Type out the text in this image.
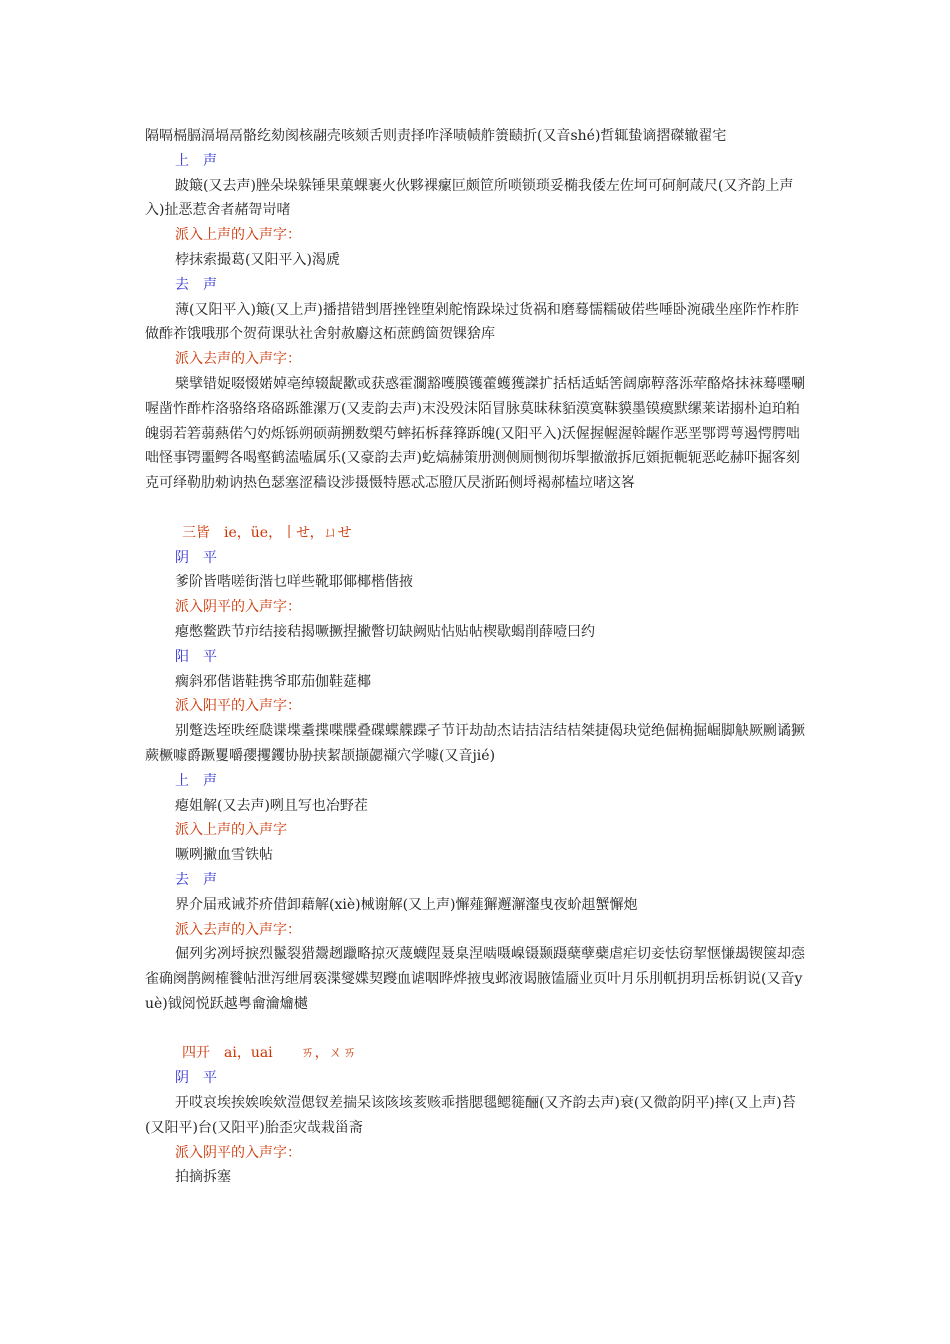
隔嗝槅膈滆塥鬲骼纥劾阂核翮壳咳颏舌则责择咋泽啧帻舴箦赜折(又音shé)哲辄蛰谪摺磔辙翟宅
上　声
跛簸(又去声)脞朵垛躲锤果菓蜾裹火伙夥裸瘰叵颇笸所唢锁琐妥椭我倭左佐坷可砢舸葴尺(又齐韵上声入)扯恶惹舍者赭哿岢啫
派入上声的入声字：
桲抹索撮葛(又阳平入)渴虒
去　声
薄(又阳平入)簸(又上声)播措错剉厝挫锉堕剁舵惰跺垛过货祸和磨蓦懦糯破偌些唾卧涴硪坐座阼怍柞胙做酢祚饿哦那个贺荷课驮社舍射赦麝这柘蔗鹧箇贺锞猞库
派入去声的入声字：
檗擘错娖啜惙婼婥亳绰辍龊歠或获惑霍灁豁嚄膜镬藿蠖獲謋扩括栝适蛞筈阔廓鞟落泺荦酪烙抹袜蓦嚜唰喔凿怍酢柞洛骆络珞硌跞雒漯万(又麦韵去声)末没殁沫陌冒脉莫昧秣貊漠寞靺貘墨镆瘼默缧莱诺搦朴迫珀粕魄弱若箬蒻爇偌勺妁烁铄朔硕蒴搠数槊芍蟀拓柝萚箨跅魄(又阳平入)沃偓握幄渥斡龌作恶垩鄂谔萼遏愕腭咄咄怪事锷噩鳄各喝壑鹤溘嗑属乐(又豪韵去声)虼熇赫策册测侧厕恻彻坼掣撤澈拆厄頞扼軛轭恶屹赫吓掘客刻克可绎勒肋勑讷热色瑟塞涩穑设涉摄慑特慝忒忑膯仄昃浙跖侧埒褐郝榼垃啫这峉
三皆　ie，üe，丨せ，ㄩせ
阴　平
爹阶皆喈嗟街湝乜咩些靴耶倻椰楷偕掖
派入阴平的入声字：
瘪憋鳖跌节疖结接秸揭噘撅捏撇瞥切缺阙贴怗贴帖楔歇蝎削薛噎曰约
阳　平
瘸斜邪偕谐鞋携爷耶茄伽鞋莚椰
派入阳平的入声字：
别蹩迭垤昳绖瓞谍堞耋揲喋牒叠碟蝶艓蹀孑节讦劫劼杰诘拮洁结桔桀捷偈玦觉绝倔桷掘崛脚觖厥劂谲獗蕨橛噱爵蹶矍嚼孾攫钁协胁挟絜颉撷勰襭穴学噱(又音jié)
上　声
瘪姐解(又去声)咧且写也冶野茬
派入上声的入声字
噘咧撇血雪铁帖
去　声
界介届戒诫芥疥借卸藉解(xiè)械谢解(又上声)懈薤獬邂澥瀣曳夜蚧趄蟹懈炮
派入去声的入声字：
倔列劣冽埒捩烈鬣裂猎鬶趔躐略掠灭蔑蠛陧聂臬涅啮嗫嵲镊颞蹑蘖孽蘗虐疟切妾怯窃挈惬慊朅锲箧却悫雀确阕鹊阙榷餮帖泄泻绁屑亵渫燮媟契躞血谑咽晔烨掖曳邺液谒腋馌靥业页叶月乐刖軏抈玥岳栎钥说(又音yuè)钺阅悦跃越粤龠瀹爚樾
四开　ai，uai　　ㄞ，ㄨㄞ
阴　平
开哎哀埃挨娭唉欸溰偲钗差揣呆该陔垓荄赅乖揩腮毸鳃簁酾(又齐韵去声)衰(又微韵阴平)摔(又上声)苔(又阳平)台(又阳平)胎歪灾哉栽甾斋
派入阴平的入声字：
拍摘拆塞
